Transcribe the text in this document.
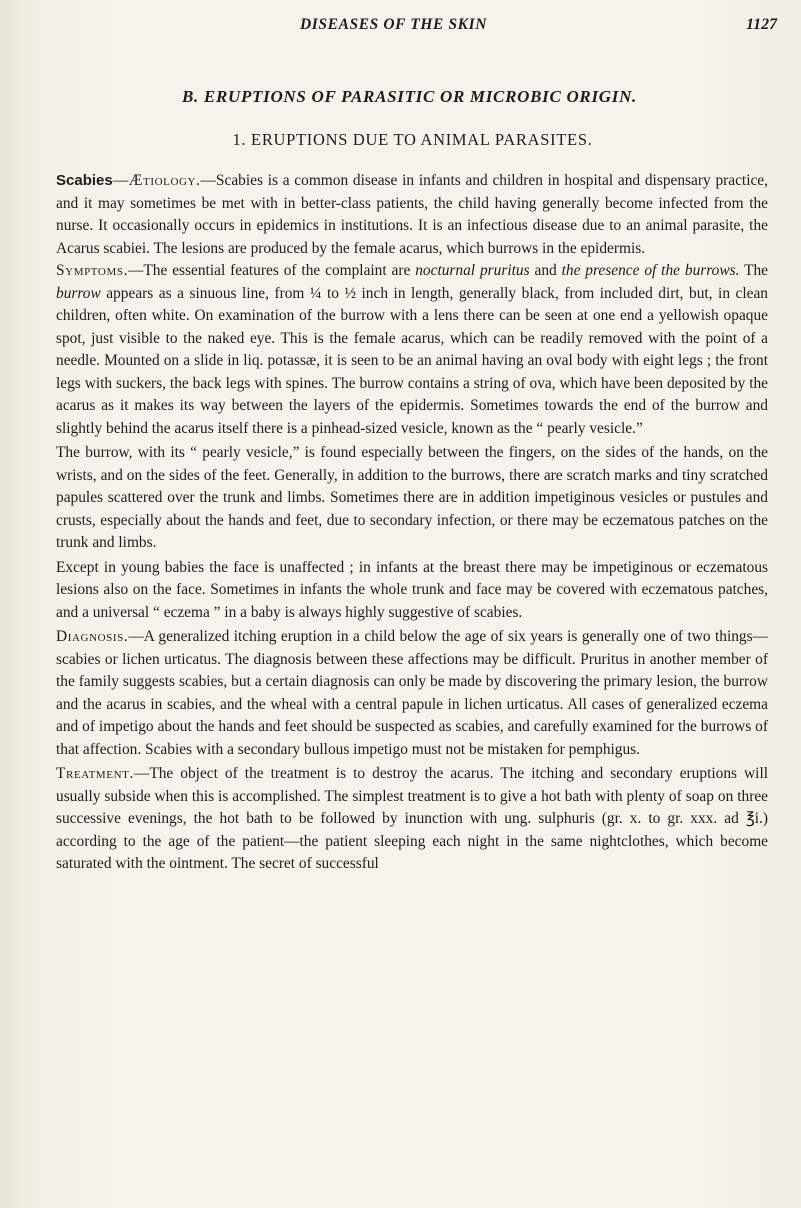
DISEASES OF THE SKIN	1127
B. ERUPTIONS OF PARASITIC OR MICROBIC ORIGIN.
1. ERUPTIONS DUE TO ANIMAL PARASITES.

Scabies—Ætiology.—Scabies is a common disease in infants and children in hospital and dispensary practice, and it may sometimes be met with in better-class patients, the child having generally become infected from the nurse. It occasionally occurs in epidemics in institutions. It is an infectious disease due to an animal parasite, the Acarus scabiei. The lesions are produced by the female acarus, which burrows in the epidermis.

Symptoms.—The essential features of the complaint are nocturnal pruritus and the presence of the burrows. The burrow appears as a sinuous line, from ¼ to ½ inch in length, generally black, from included dirt, but, in clean children, often white. On examination of the burrow with a lens there can be seen at one end a yellowish opaque spot, just visible to the naked eye. This is the female acarus, which can be readily removed with the point of a needle. Mounted on a slide in liq. potassæ, it is seen to be an animal having an oval body with eight legs ; the front legs with suckers, the back legs with spines. The burrow contains a string of ova, which have been deposited by the acarus as it makes its way between the layers of the epidermis. Sometimes towards the end of the burrow and slightly behind the acarus itself there is a pinhead-sized vesicle, known as the “ pearly vesicle.”

The burrow, with its “ pearly vesicle,” is found especially between the fingers, on the sides of the hands, on the wrists, and on the sides of the feet. Generally, in addition to the burrows, there are scratch marks and tiny scratched papules scattered over the trunk and limbs. Sometimes there are in addition impetiginous vesicles or pustules and crusts, especially about the hands and feet, due to secondary infection, or there may be eczematous patches on the trunk and limbs.

Except in young babies the face is unaffected ; in infants at the breast there may be impetiginous or eczematous lesions also on the face. Sometimes in infants the whole trunk and face may be covered with eczematous patches, and a universal “ eczema ” in a baby is always highly suggestive of scabies.

Diagnosis.—A generalized itching eruption in a child below the age of six years is generally one of two things—scabies or lichen urticatus. The diagnosis between these affections may be difficult. Pruritus in another member of the family suggests scabies, but a certain diagnosis can only be made by discovering the primary lesion, the burrow and the acarus in scabies, and the wheal with a central papule in lichen urticatus. All cases of generalized eczema and of impetigo about the hands and feet should be suspected as scabies, and carefully examined for the burrows of that affection. Scabies with a secondary bullous impetigo must not be mistaken for pemphigus.

Treatment.—The object of the treatment is to destroy the acarus. The itching and secondary eruptions will usually subside when this is accomplished. The simplest treatment is to give a hot bath with plenty of soap on three successive evenings, the hot bath to be followed by inunction with ung. sulphuris (gr. x. to gr. xxx. ad ℥i.) according to the age of the patient—the patient sleeping each night in the same nightclothes, which become saturated with the ointment. The secret of successful
